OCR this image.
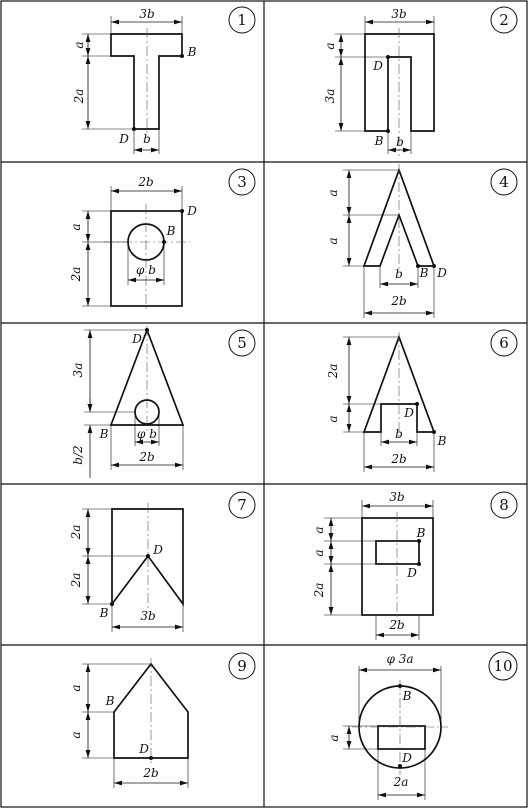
1
3b
a
2a
b
D
B
2
3b
a
3a
D
B b
3
2b
a
2a	φ b
D
B
4
a
a
b
2b
B D
5
3a
b/2
φ b
2b
D
B
6
2a
a	D
b
2b
B
7
2a
2a
D
B	3b
8
3b
a
a
2a
B
D
2b
9
a
a
B
D
2b
10
φ 3a
B
a
D
2a
